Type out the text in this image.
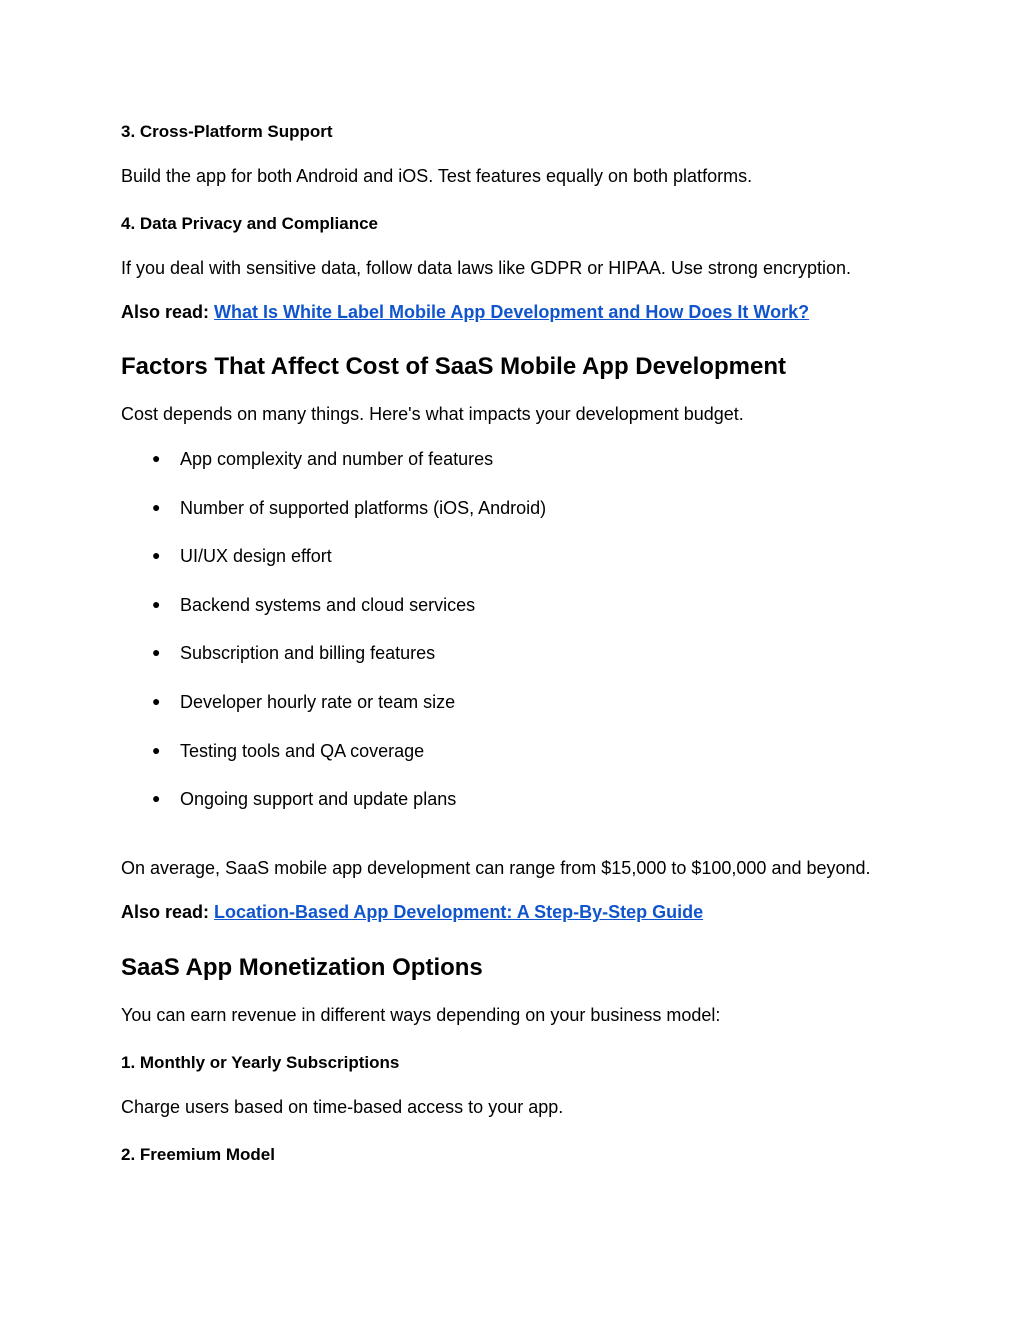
3. Cross-Platform Support

Build the app for both Android and iOS. Test features equally on both platforms.

4. Data Privacy and Compliance

If you deal with sensitive data, follow data laws like GDPR or HIPAA. Use strong encryption.

Also read: What Is White Label Mobile App Development and How Does It Work?

Factors That Affect Cost of SaaS Mobile App Development

Cost depends on many things. Here's what impacts your development budget.

● App complexity and number of features
● Number of supported platforms (iOS, Android)
● UI/UX design effort
● Backend systems and cloud services
● Subscription and billing features
● Developer hourly rate or team size
● Testing tools and QA coverage
● Ongoing support and update plans

On average, SaaS mobile app development can range from $15,000 to $100,000 and beyond.

Also read: Location-Based App Development: A Step-By-Step Guide

SaaS App Monetization Options

You can earn revenue in different ways depending on your business model:

1. Monthly or Yearly Subscriptions

Charge users based on time-based access to your app.

2. Freemium Model
